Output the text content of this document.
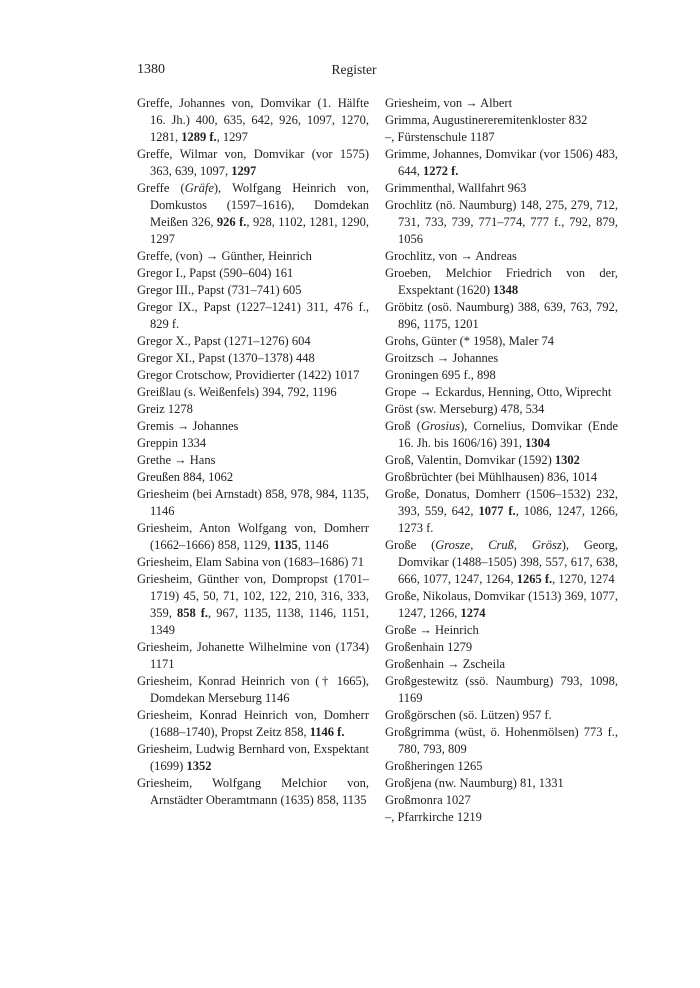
1380	Register

Greffe, Johannes von, Domvikar (1. Hälfte 16. Jh.) 400, 635, 642, 926, 1097, 1270, 1281, 1289 f., 1297

Greffe, Wilmar von, Domvikar (vor 1575) 363, 639, 1097, 1297

Greffe (Gräfe), Wolfgang Heinrich von, Domkustos (1597–1616), Domdekan Meißen 326, 926 f., 928, 1102, 1281, 1290, 1297

Greffe, (von) → Günther, Heinrich

Gregor I., Papst (590–604) 161

Gregor III., Papst (731–741) 605

Gregor IX., Papst (1227–1241) 311, 476 f., 829 f.

Gregor X., Papst (1271–1276) 604

Gregor XI., Papst (1370–1378) 448

Gregor Crotschow, Providierter (1422) 1017

Greißlau (s. Weißenfels) 394, 792, 1196

Greiz 1278

Gremis → Johannes

Greppin 1334

Grethe → Hans

Greußen 884, 1062

Griesheim (bei Arnstadt) 858, 978, 984, 1135, 1146

Griesheim, Anton Wolfgang von, Domherr (1662–1666) 858, 1129, 1135, 1146

Griesheim, Elam Sabina von (1683–1686) 71

Griesheim, Günther von, Dompropst (1701–1719) 45, 50, 71, 102, 122, 210, 316, 333, 359, 858 f., 967, 1135, 1138, 1146, 1151, 1349

Griesheim, Johanette Wilhelmine von (1734) 1171

Griesheim, Konrad Heinrich von († 1665), Domdekan Merseburg 1146

Griesheim, Konrad Heinrich von, Domherr (1688–1740), Propst Zeitz 858, 1146 f.

Griesheim, Ludwig Bernhard von, Exspektant (1699) 1352

Griesheim, Wolfgang Melchior von, Arnstädter Oberamtmann (1635) 858, 1135

Griesheim, von → Albert

Grimma, Augustinereremitenkloster 832

–, Fürstenschule 1187

Grimme, Johannes, Domvikar (vor 1506) 483, 644, 1272 f.

Grimmenthal, Wallfahrt 963

Grochlitz (nö. Naumburg) 148, 275, 279, 712, 731, 733, 739, 771–774, 777 f., 792, 879, 1056

Grochlitz, von → Andreas

Groeben, Melchior Friedrich von der, Exspektant (1620) 1348

Gröbitz (osö. Naumburg) 388, 639, 763, 792, 896, 1175, 1201

Grohs, Günter (* 1958), Maler 74

Groitzsch → Johannes

Groningen 695 f., 898

Grope → Eckardus, Henning, Otto, Wiprecht

Gröst (sw. Merseburg) 478, 534

Groß (Grosius), Cornelius, Domvikar (Ende 16. Jh. bis 1606/16) 391, 1304

Groß, Valentin, Domvikar (1592) 1302

Großbrüchter (bei Mühlhausen) 836, 1014

Große, Donatus, Domherr (1506–1532) 232, 393, 559, 642, 1077 f., 1086, 1247, 1266, 1273 f.

Große (Grosze, Cruß, Grösz), Georg, Domvikar (1488–1505) 398, 557, 617, 638, 666, 1077, 1247, 1264, 1265 f., 1270, 1274

Große, Nikolaus, Domvikar (1513) 369, 1077, 1247, 1266, 1274

Große → Heinrich

Großenhain 1279

Großenhain → Zscheila

Großgestewitz (ssö. Naumburg) 793, 1098, 1169

Großgörschen (sö. Lützen) 957 f.

Großgrimma (wüst, ö. Hohenmölsen) 773 f., 780, 793, 809

Großheringen 1265

Großjena (nw. Naumburg) 81, 1331

Großmonra 1027

–, Pfarrkirche 1219
